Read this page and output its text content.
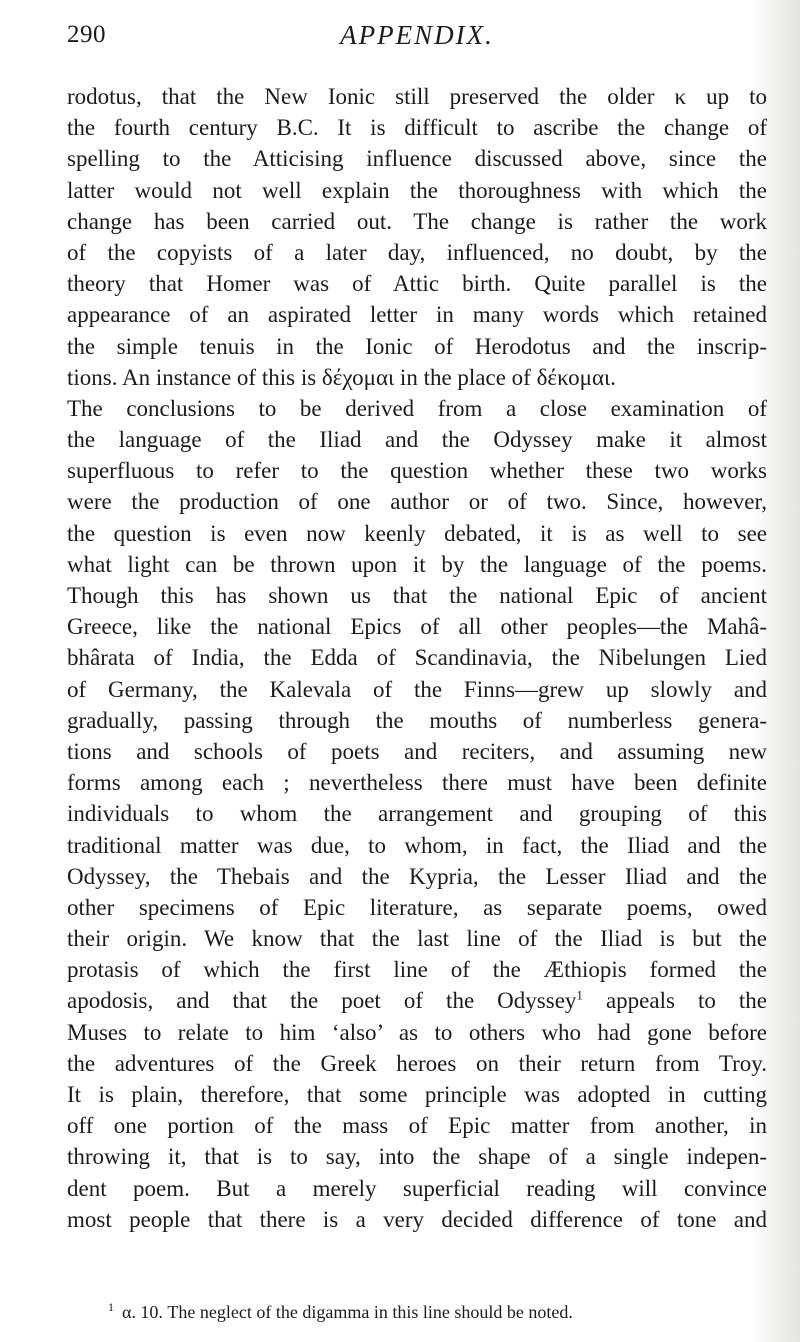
290	APPENDIX.
rodotus, that the New Ionic still preserved the older κ up to
the fourth century B.C. It is difficult to ascribe the change of
spelling to the Atticising influence discussed above, since the
latter would not well explain the thoroughness with which the
change has been carried out. The change is rather the work
of the copyists of a later day, influenced, no doubt, by the
theory that Homer was of Attic birth. Quite parallel is the
appearance of an aspirated letter in many words which retained
the simple tenuis in the Ionic of Herodotus and the inscrip-
tions. An instance of this is δέχομαι in the place of δέκομαι.
The conclusions to be derived from a close examination of
the language of the Iliad and the Odyssey make it almost
superfluous to refer to the question whether these two works
were the production of one author or of two. Since, however,
the question is even now keenly debated, it is as well to see
what light can be thrown upon it by the language of the poems.
Though this has shown us that the national Epic of ancient
Greece, like the national Epics of all other peoples—the Mahâ-
bhârata of India, the Edda of Scandinavia, the Nibelungen Lied
of Germany, the Kalevala of the Finns—grew up slowly and
gradually, passing through the mouths of numberless genera-
tions and schools of poets and reciters, and assuming new
forms among each ; nevertheless there must have been definite
individuals to whom the arrangement and grouping of this
traditional matter was due, to whom, in fact, the Iliad and the
Odyssey, the Thebais and the Kypria, the Lesser Iliad and the
other specimens of Epic literature, as separate poems, owed
their origin. We know that the last line of the Iliad is but the
protasis of which the first line of the Æthiopis formed the
apodosis, and that the poet of the Odyssey$^1$ appeals to the
Muses to relate to him ‘also’ as to others who had gone before
the adventures of the Greek heroes on their return from Troy.
It is plain, therefore, that some principle was adopted in cutting
off one portion of the mass of Epic matter from another, in
throwing it, that is to say, into the shape of a single indepen-
dent poem. But a merely superficial reading will convince
most people that there is a very decided difference of tone and
$^1$ α. 10. The neglect of the digamma in this line should be noted.
